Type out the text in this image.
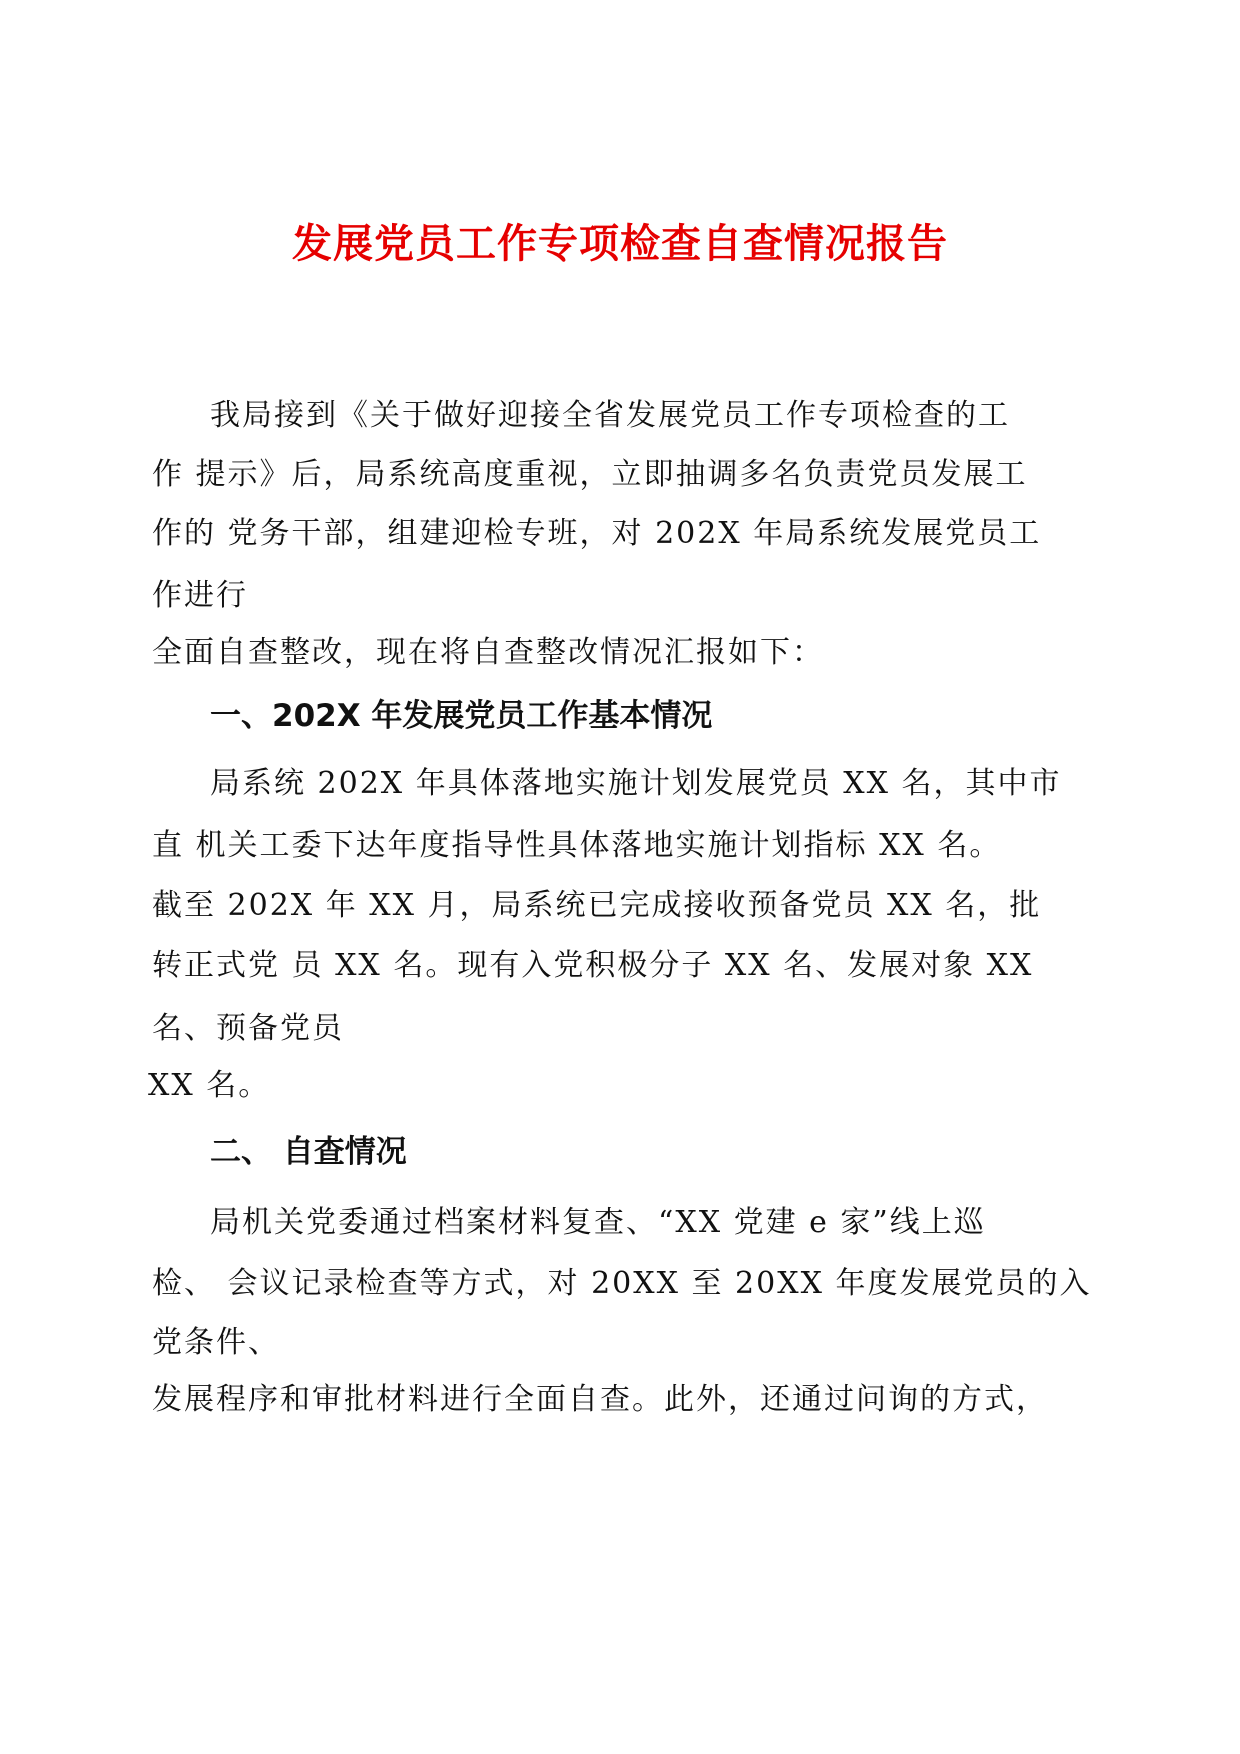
发展党员工作专项检查自查情况报告
我局接到《关于做好迎接全省发展党员工作专项检查的工
作 提示》后，局系统高度重视，立即抽调多名负责党员发展工
作的 党务干部，组建迎检专班，对 202X 年局系统发展党员工
作进行
全面自查整改，现在将自查整改情况汇报如下：
一、202X 年发展党员工作基本情况
局系统 202X 年具体落地实施计划发展党员 XX 名，其中市
直 机关工委下达年度指导性具体落地实施计划指标 XX 名。
截至 202X 年 XX 月，局系统已完成接收预备党员 XX 名，批
转正式党 员 XX 名。现有入党积极分子 XX 名、发展对象 XX
名、预备党员
XX 名。
二、 自查情况
局机关党委通过档案材料复查、“XX 党建 e 家”线上巡
检、 会议记录检查等方式，对 20XX 至 20XX 年度发展党员的入
党条件、
发展程序和审批材料进行全面自查。此外，还通过问询的方式，
